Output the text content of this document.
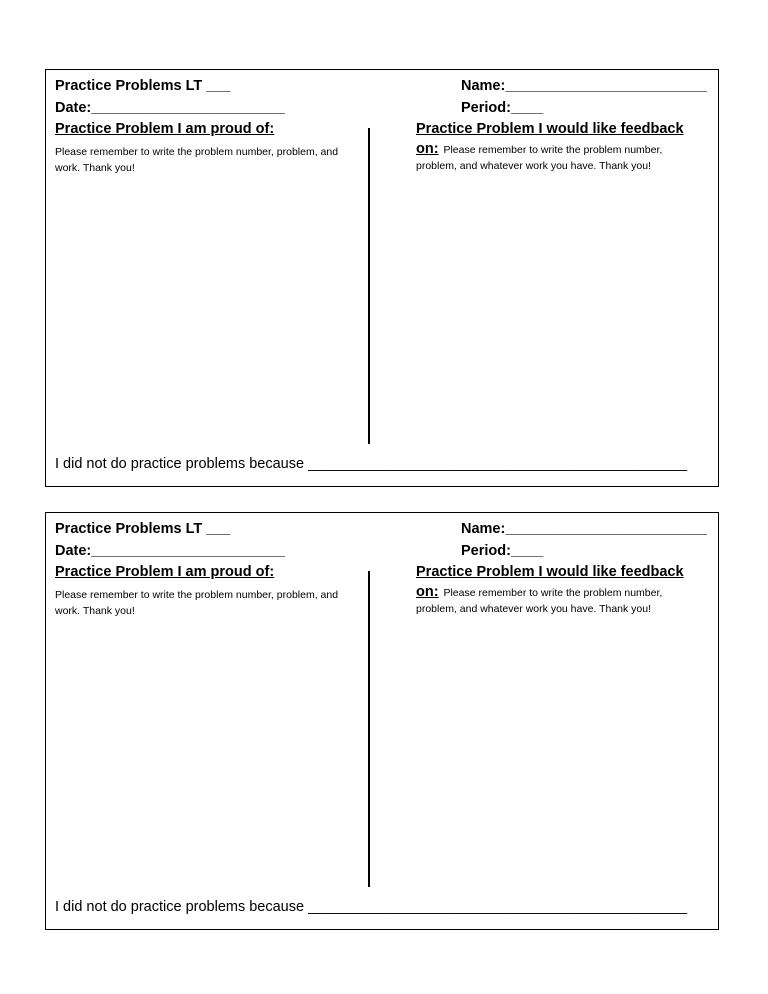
Practice Problems LT ___
Date:________________________
Name:_________________________
Period:____
Practice Problem I am proud of:
Please remember to write the problem number, problem, and work. Thank you!
Practice Problem I would like feedback
on: Please remember to write the problem number, problem, and whatever work you have. Thank you!
I did not do practice problems because _______________________________________________
Practice Problems LT ___
Date:________________________
Name:_________________________
Period:____
Practice Problem I am proud of:
Please remember to write the problem number, problem, and work. Thank you!
Practice Problem I would like feedback
on: Please remember to write the problem number, problem, and whatever work you have. Thank you!
I did not do practice problems because _______________________________________________
